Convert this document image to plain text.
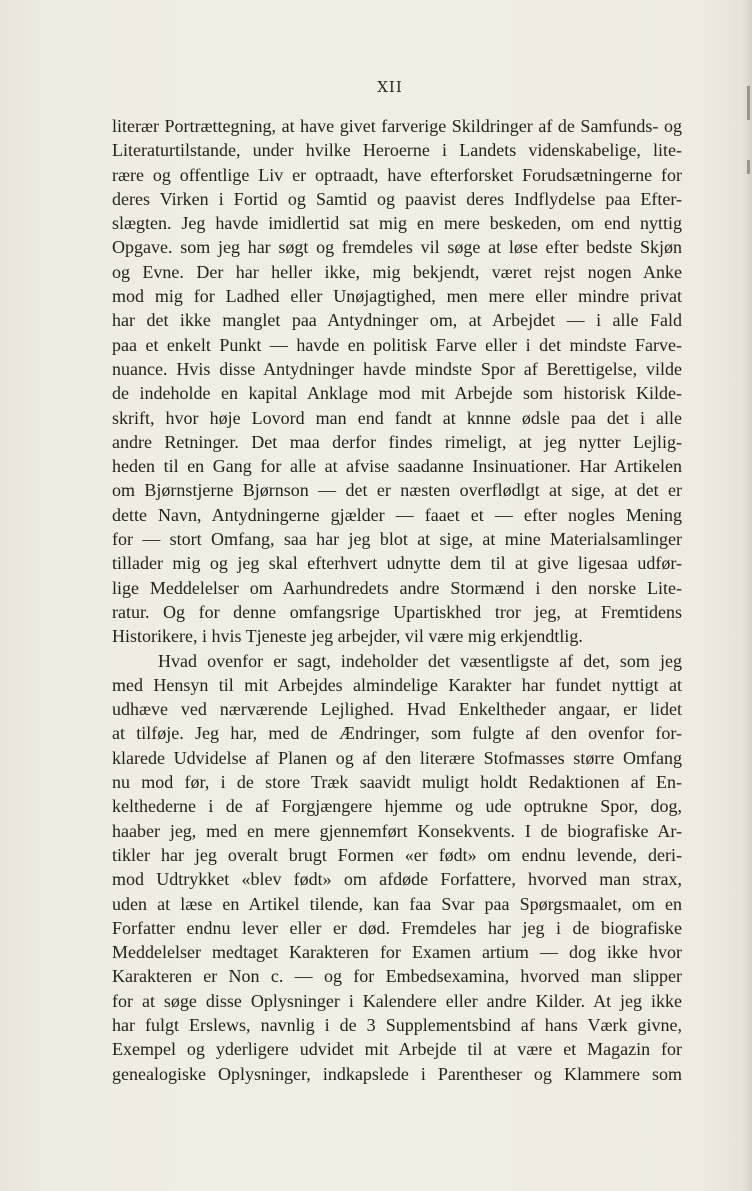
XII
literær Portrættegning, at have givet farverige Skildringer af de Samfunds- og
Literaturtilstande, under hvilke Heroerne i Landets videnskabelige, lite-
rære og offentlige Liv er optraadt, have efterforsket Forudsætningerne for
deres Virken i Fortid og Samtid og paavist deres Indflydelse paa Efter-
slægten. Jeg havde imidlertid sat mig en mere beskeden, om end nyttig
Opgave. som jeg har søgt og fremdeles vil søge at løse efter bedste Skjøn
og Evne. Der har heller ikke, mig bekjendt, været rejst nogen Anke
mod mig for Ladhed eller Unøjagtighed, men mere eller mindre privat
har det ikke manglet paa Antydninger om, at Arbejdet — i alle Fald
paa et enkelt Punkt — havde en politisk Farve eller i det mindste Farve-
nuance. Hvis disse Antydninger havde mindste Spor af Berettigelse, vilde
de indeholde en kapital Anklage mod mit Arbejde som historisk Kilde-
skrift, hvor høje Lovord man end fandt at knnne ødsle paa det i alle
andre Retninger. Det maa derfor findes rimeligt, at jeg nytter Lejlig-
heden til en Gang for alle at afvise saadanne Insinuationer. Har Artikelen
om Bjørnstjerne Bjørnson — det er næsten overflødlgt at sige, at det er
dette Navn, Antydningerne gjælder — faaet et — efter nogles Mening
for — stort Omfang, saa har jeg blot at sige, at mine Materialsamlinger
tillader mig og jeg skal efterhvert udnytte dem til at give ligesaa udfør-
lige Meddelelser om Aarhundredets andre Stormænd i den norske Lite-
ratur. Og for denne omfangsrige Upartiskhed tror jeg, at Fremtidens
Historikere, i hvis Tjeneste jeg arbejder, vil være mig erkjendtlig.
Hvad ovenfor er sagt, indeholder det væsentligste af det, som jeg
med Hensyn til mit Arbejdes almindelige Karakter har fundet nyttigt at
udhæve ved nærværende Lejlighed. Hvad Enkeltheder angaar, er lidet
at tilføje. Jeg har, med de Ændringer, som fulgte af den ovenfor for-
klarede Udvidelse af Planen og af den literære Stofmasses større Omfang
nu mod før, i de store Træk saavidt muligt holdt Redaktionen af En-
kelthederne i de af Forgjængere hjemme og ude optrukne Spor, dog,
haaber jeg, med en mere gjennemført Konsekvents. I de biografiske Ar-
tikler har jeg overalt brugt Formen «er født» om endnu levende, deri-
mod Udtrykket «blev født» om afdøde Forfattere, hvorved man strax,
uden at læse en Artikel tilende, kan faa Svar paa Spørgsmaalet, om en
Forfatter endnu lever eller er død. Fremdeles har jeg i de biografiske
Meddelelser medtaget Karakteren for Examen artium — dog ikke hvor
Karakteren er Non c. — og for Embedsexamina, hvorved man slipper
for at søge disse Oplysninger i Kalendere eller andre Kilder. At jeg ikke
har fulgt Erslews, navnlig i de 3 Supplementsbind af hans Værk givne,
Exempel og yderligere udvidet mit Arbejde til at være et Magazin for
genealogiske Oplysninger, indkapslede i Parentheser og Klammere som
